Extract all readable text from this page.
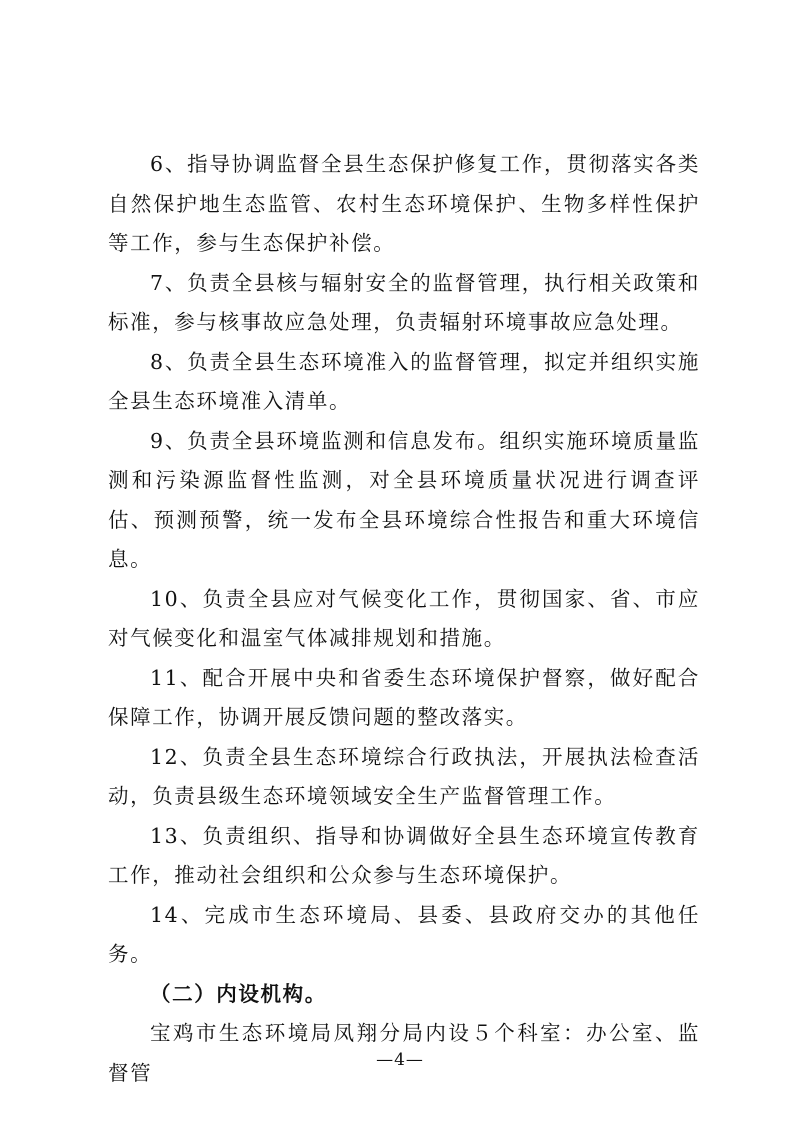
6、指导协调监督全县生态保护修复工作，贯彻落实各类自然保护地生态监管、农村生态环境保护、生物多样性保护等工作，参与生态保护补偿。

7、负责全县核与辐射安全的监督管理，执行相关政策和标准，参与核事故应急处理，负责辐射环境事故应急处理。

8、负责全县生态环境准入的监督管理，拟定并组织实施全县生态环境准入清单。

9、负责全县环境监测和信息发布。组织实施环境质量监测和污染源监督性监测，对全县环境质量状况进行调查评估、预测预警，统一发布全县环境综合性报告和重大环境信息。

10、负责全县应对气候变化工作，贯彻国家、省、市应对气候变化和温室气体减排规划和措施。

11、配合开展中央和省委生态环境保护督察，做好配合保障工作，协调开展反馈问题的整改落实。

12、负责全县生态环境综合行政执法，开展执法检查活动，负责县级生态环境领域安全生产监督管理工作。

13、负责组织、指导和协调做好全县生态环境宣传教育工作，推动社会组织和公众参与生态环境保护。

14、完成市生态环境局、县委、县政府交办的其他任务。

（二）内设机构。

宝鸡市生态环境局凤翔分局内设５个科室：办公室、监督管

—4—
